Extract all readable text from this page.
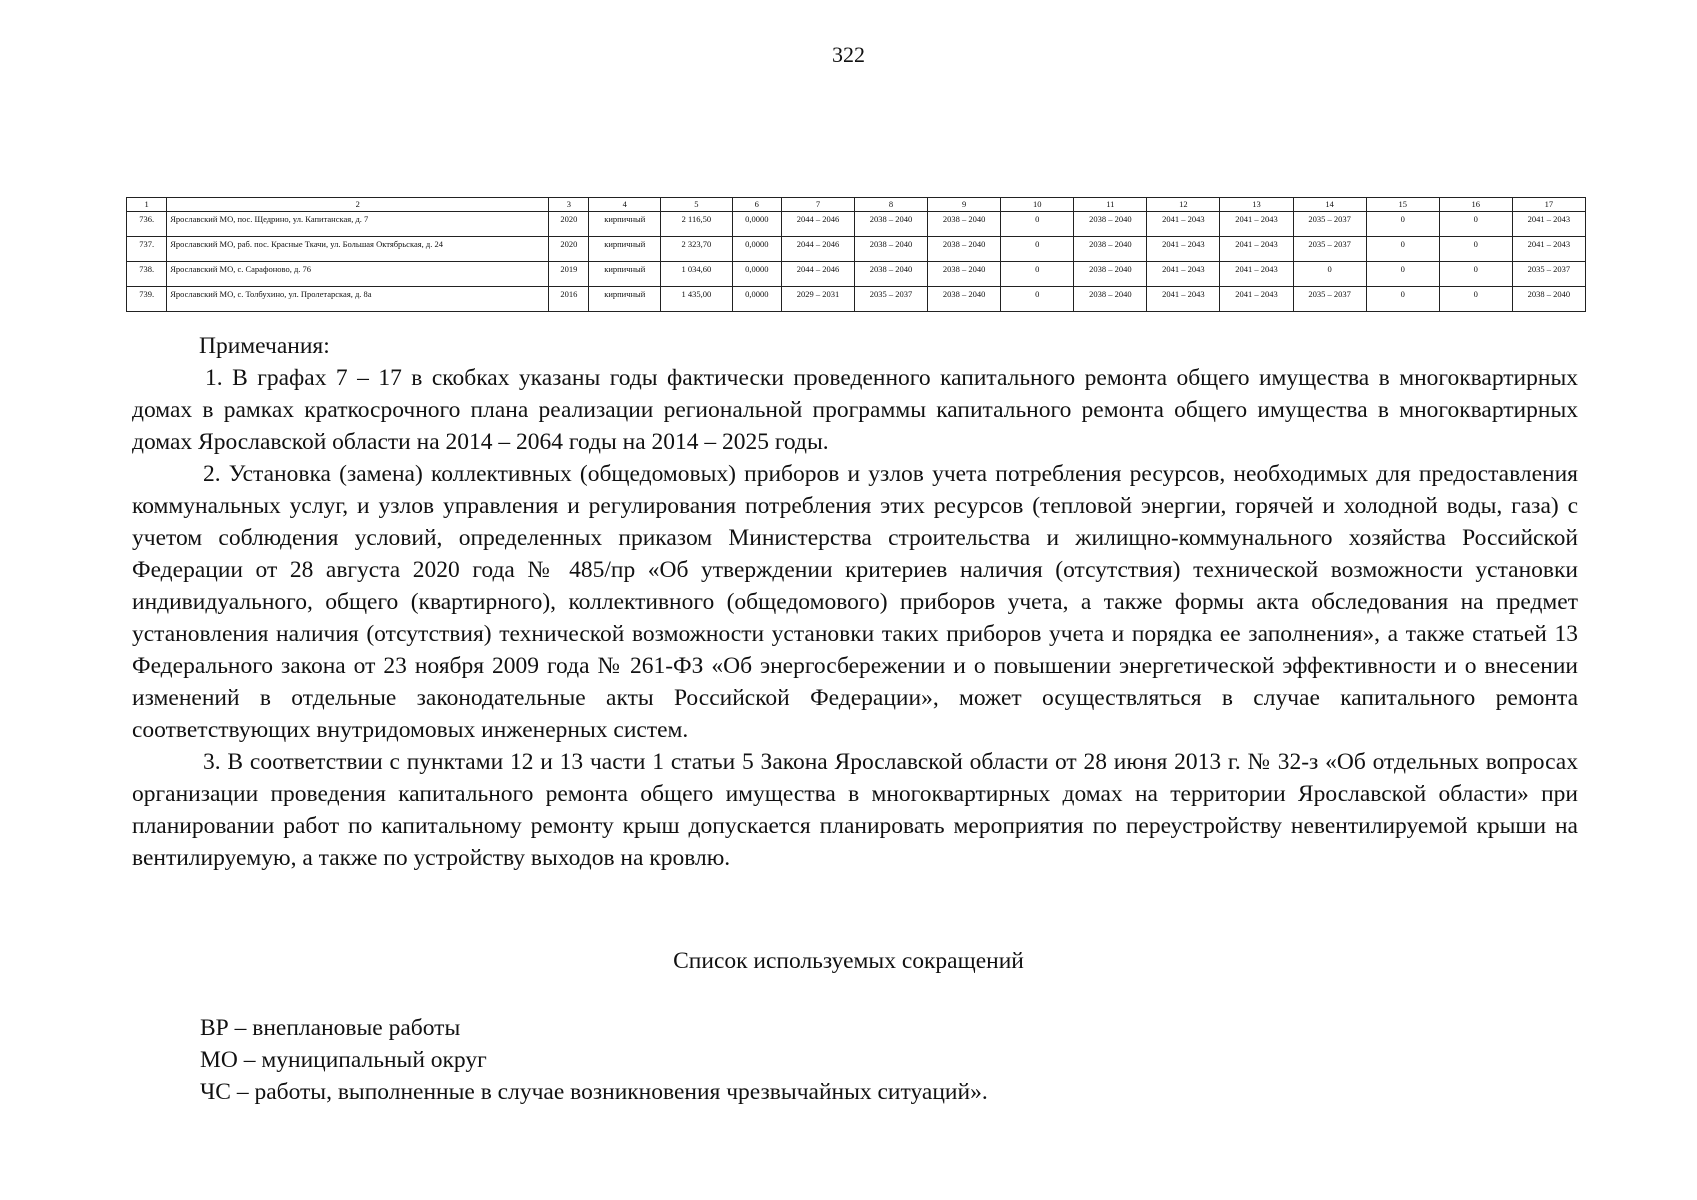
322
1	2	3	4	5	6	7	8	9	10	11	12	13	14	15	16	17
736.	Ярославский МО, пос. Щедрино, ул. Капитанская, д. 7	2020	кирпичный	2 116,50	0,0000	2044 – 2046	2038 – 2040	2038 – 2040	0	2038 – 2040	2041 – 2043	2041 – 2043	2035 – 2037	0	0	2041 – 2043
737.	Ярославский МО, раб. пос. Красные Ткачи, ул. Большая Октябрьская, д. 24	2020	кирпичный	2 323,70	0,0000	2044 – 2046	2038 – 2040	2038 – 2040	0	2038 – 2040	2041 – 2043	2041 – 2043	2035 – 2037	0	0	2041 – 2043
738.	Ярославский МО, с. Сарафоново, д. 76	2019	кирпичный	1 034,60	0,0000	2044 – 2046	2038 – 2040	2038 – 2040	0	2038 – 2040	2041 – 2043	2041 – 2043	0	0	0	2035 – 2037
739.	Ярославский МО, с. Толбухино, ул. Пролетарская, д. 8а	2016	кирпичный	1 435,00	0,0000	2029 – 2031	2035 – 2037	2038 – 2040	0	2038 – 2040	2041 – 2043	2041 – 2043	2035 – 2037	0	0	2038 – 2040
Примечания:

1. В графах 7 – 17 в скобках указаны годы фактически проведенного капитального ремонта общего имущества в многоквартирных домах в рамках краткосрочного плана реализации региональной программы капитального ремонта общего имущества в многоквартирных домах Ярославской области на 2014 – 2064 годы на 2014 – 2025 годы.

2. Установка (замена) коллективных (общедомовых) приборов и узлов учета потребления ресурсов, необходимых для предоставления коммунальных услуг, и узлов управления и регулирования потребления этих ресурсов (тепловой энергии, горячей и холодной воды, газа) с учетом соблюдения условий, определенных приказом Министерства строительства и жилищно-коммунального хозяйства Российской Федерации от 28 августа 2020 года № 485/пр «Об утверждении критериев наличия (отсутствия) технической возможности установки индивидуального, общего (квартирного), коллективного (общедомового) приборов учета, а также формы акта обследования на предмет установления наличия (отсутствия) технической возможности установки таких приборов учета и порядка ее заполнения», а также статьей 13 Федерального закона от 23 ноября 2009 года № 261-ФЗ «Об энергосбережении и о повышении энергетической эффективности и о внесении изменений в отдельные законодательные акты Российской Федерации», может осуществляться в случае капитального ремонта соответствующих внутридомовых инженерных систем.

3. В соответствии с пунктами 12 и 13 части 1 статьи 5 Закона Ярославской области от 28 июня 2013 г. № 32-з «Об отдельных вопросах организации проведения капитального ремонта общего имущества в многоквартирных домах на территории Ярославской области» при планировании работ по капитальному ремонту крыш допускается планировать мероприятия по переустройству невентилируемой крыши на вентилируемую, а также по устройству выходов на кровлю.

Список используемых сокращений
ВР – внеплановые работы
МО – муниципальный округ
ЧС – работы, выполненные в случае возникновения чрезвычайных ситуаций».
